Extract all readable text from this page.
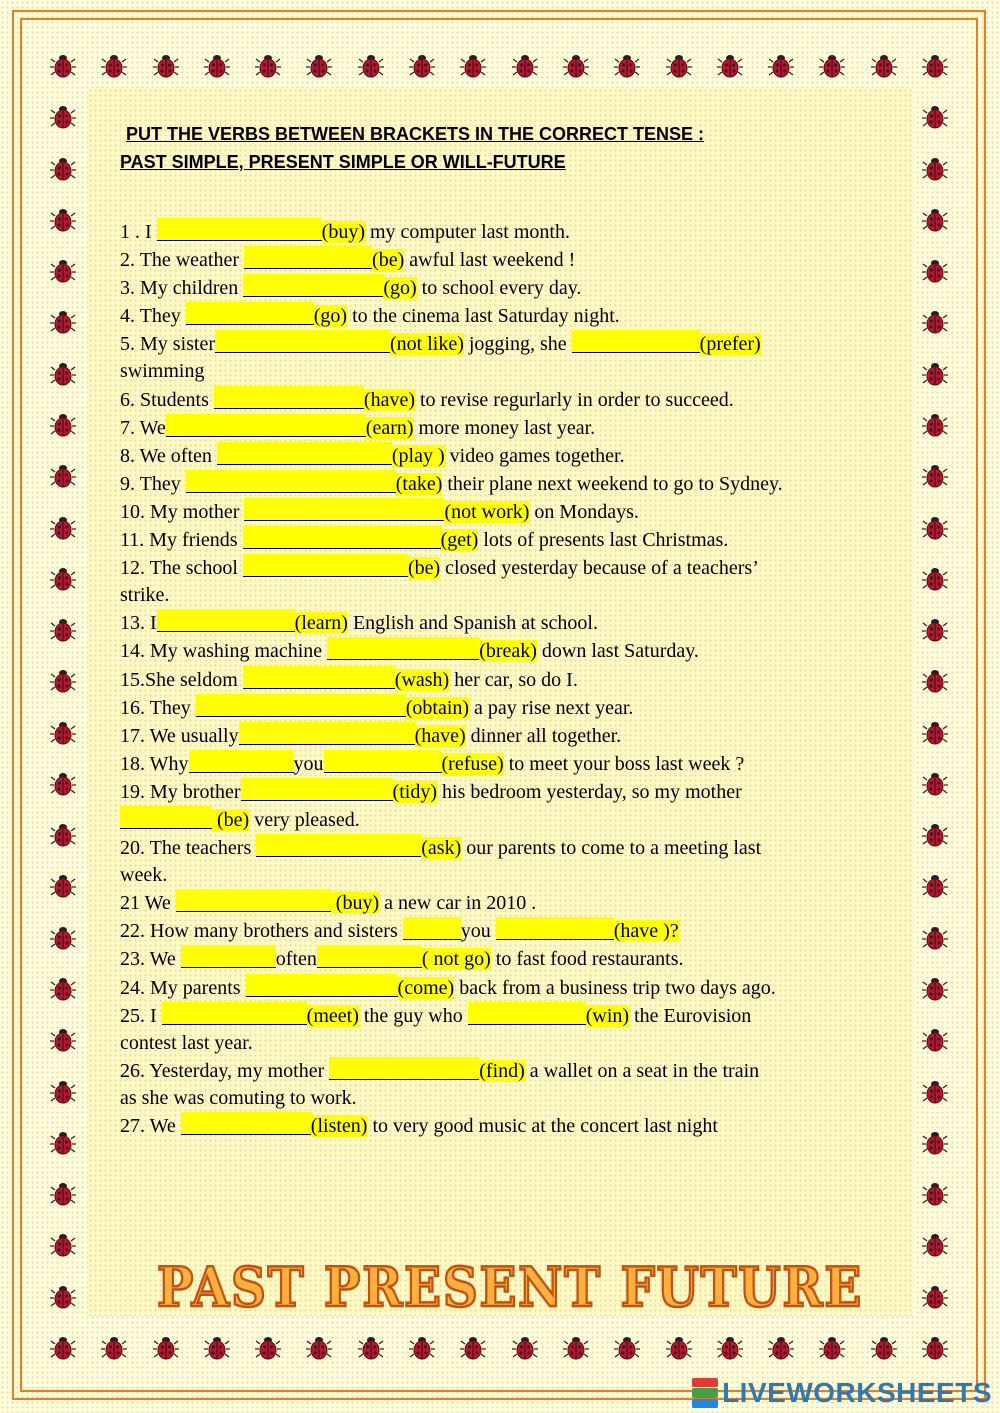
PUT THE VERBS BETWEEN BRACKETS IN THE CORRECT TENSE :

PAST SIMPLE, PRESENT SIMPLE OR WILL-FUTURE

1 . I	(buy) my computer last month.
2. The weather	(be) awful last weekend !
3. My children	(go) to school every day.
4. They	(go) to the cinema last Saturday night.
5. My sister	(not like) jogging, she	(prefer)
swimming
6. Students	(have) to revise regurlarly in order to succeed.
7. We	(earn) more money last year.
8. We often	(play ) video games together.
9. They	(take) their plane next weekend to go to Sydney.
10. My mother	(not work) on Mondays.
11. My friends	(get) lots of presents last Christmas.
12. The school	(be) closed yesterday because of a teachers’
strike.
13. I	(learn) English and Spanish at school.
14. My washing machine	(break) down last Saturday.
15.She seldom	(wash) her car, so do I.
16. They	(obtain) a pay rise next year.
17. We usually	(have) dinner all together.
18. Why	you	(refuse) to meet your boss last week ?
19. My brother	(tidy) his bedroom yesterday, so my mother
(be) very pleased.
20. The teachers	(ask) our parents to come to a meeting last
week.
21 We	(buy) a new car in 2010 .
22. How many brothers and sisters	you	(have )?
23. We	often	( not go) to fast food restaurants.
24. My parents	(come) back from a business trip two days ago.
25. I	(meet) the guy who	(win) the Eurovision
contest last year.
26. Yesterday, my mother	(find) a wallet on a seat in the train
as she was comuting to work.
27. We	(listen) to very good music at the concert last night
PAST PRESENT FUTURE
LIVEWORKSHEETS
